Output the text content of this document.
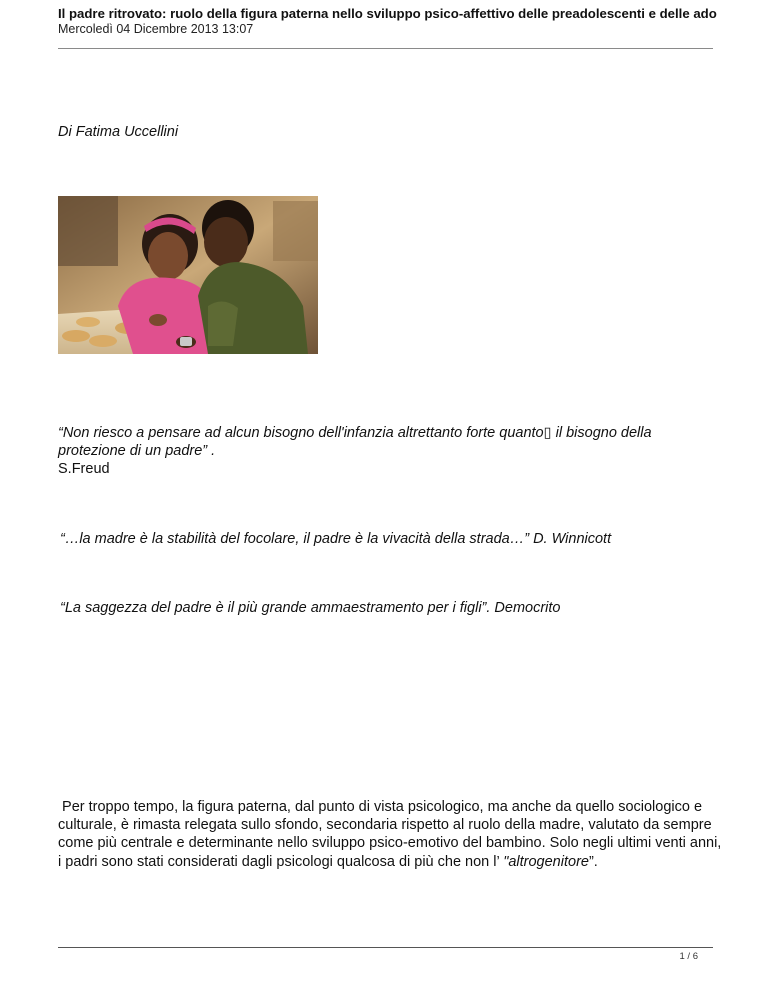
Il padre ritrovato: ruolo della figura paterna nello sviluppo psico-affettivo delle preadolescenti e delle ado
Mercoledì 04 Dicembre 2013 13:07
Di Fatima Uccellini
“Non riesco a pensare ad alcun bisogno dell'infanzia altrettanto forte quanto▯ il bisogno della protezione di un padre” .
S.Freud
“…la madre è la stabilità del focolare, il padre è la vivacità della strada…” D. Winnicott
“La saggezza del padre è il più grande ammaestramento per i figli”. Democrito
Per troppo tempo, la figura paterna, dal punto di vista psicologico, ma anche da quello sociologico e culturale, è rimasta relegata sullo sfondo, secondaria rispetto al ruolo della madre, valutato da sempre come più centrale e determinante nello sviluppo psico-emotivo del bambino. Solo negli ultimi venti anni, i padri sono stati considerati dagli psicologi qualcosa di più che non l’ "altrogenitore”.
1 / 6
